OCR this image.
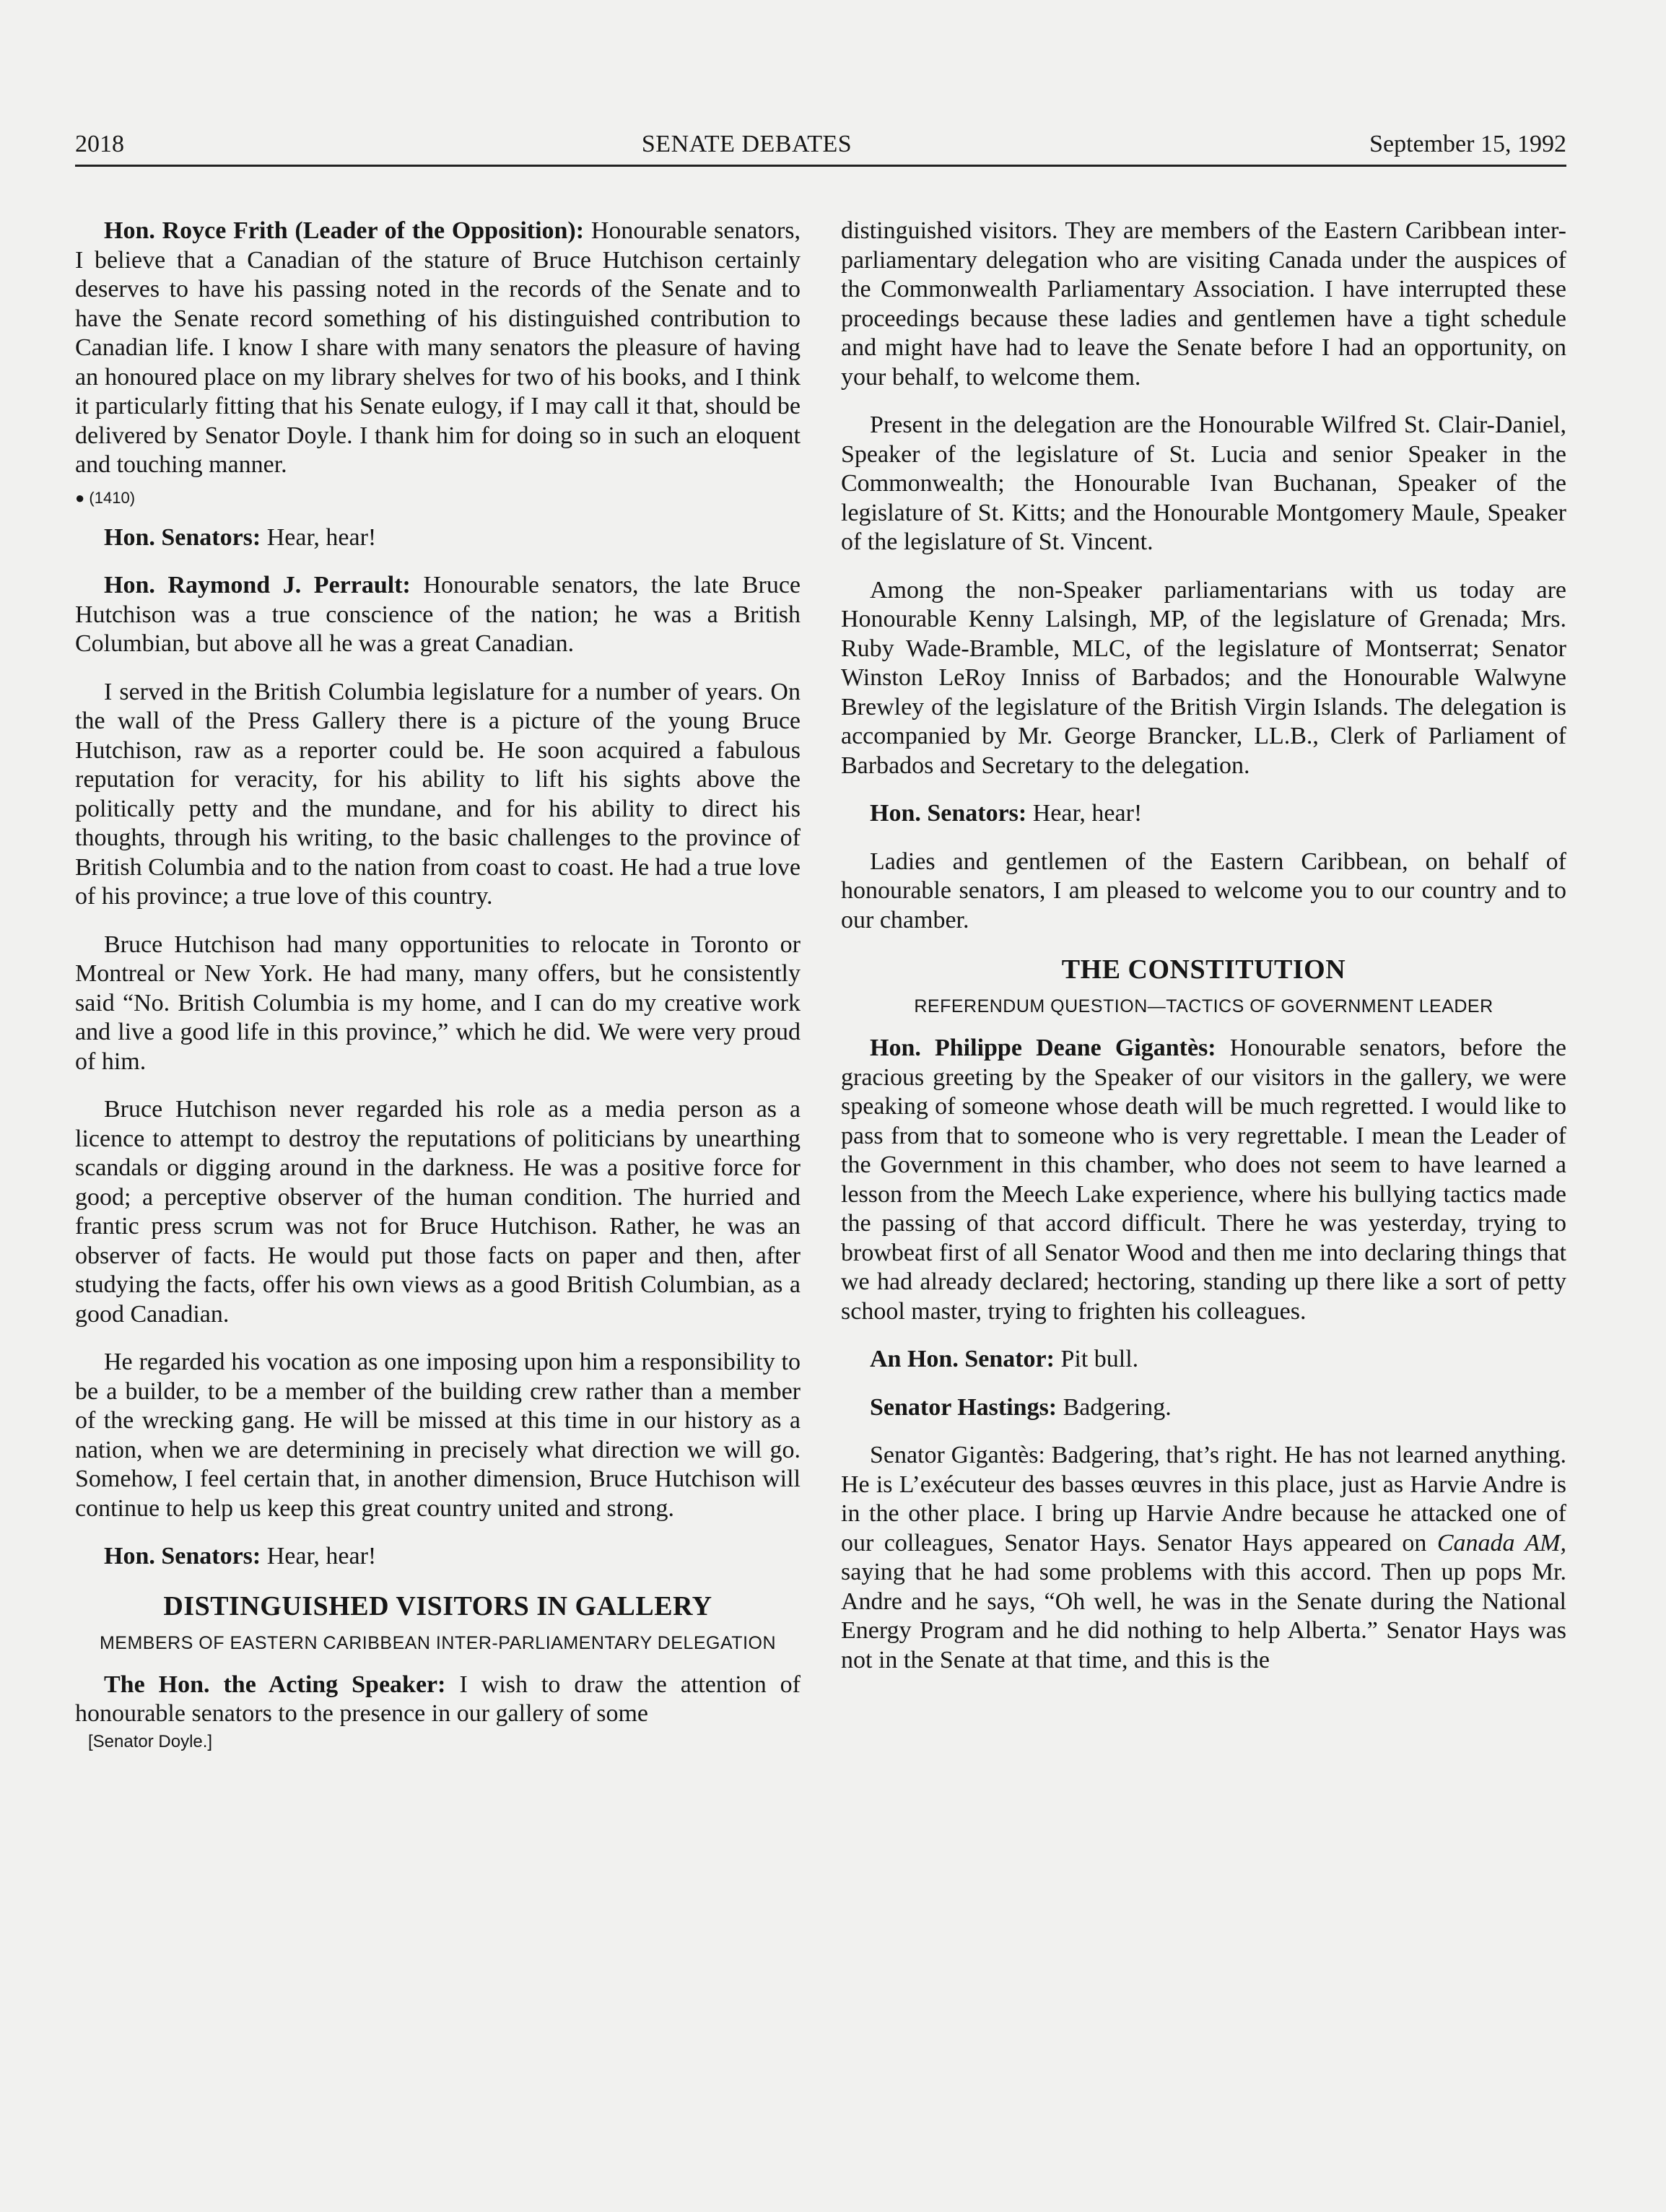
2018	SENATE DEBATES	September 15, 1992

Hon. Royce Frith (Leader of the Opposition): Honourable senators, I believe that a Canadian of the stature of Bruce Hutchison certainly deserves to have his passing noted in the records of the Senate and to have the Senate record something of his distinguished contribution to Canadian life. I know I share with many senators the pleasure of having an honoured place on my library shelves for two of his books, and I think it particularly fitting that his Senate eulogy, if I may call it that, should be delivered by Senator Doyle. I thank him for doing so in such an eloquent and touching manner.

● (1410)

Hon. Senators: Hear, hear!

Hon. Raymond J. Perrault: Honourable senators, the late Bruce Hutchison was a true conscience of the nation; he was a British Columbian, but above all he was a great Canadian.

I served in the British Columbia legislature for a number of years. On the wall of the Press Gallery there is a picture of the young Bruce Hutchison, raw as a reporter could be. He soon acquired a fabulous reputation for veracity, for his ability to lift his sights above the politically petty and the mundane, and for his ability to direct his thoughts, through his writing, to the basic challenges to the province of British Columbia and to the nation from coast to coast. He had a true love of his province; a true love of this country.

Bruce Hutchison had many opportunities to relocate in Toronto or Montreal or New York. He had many, many offers, but he consistently said “No. British Columbia is my home, and I can do my creative work and live a good life in this province,” which he did. We were very proud of him.

Bruce Hutchison never regarded his role as a media person as a licence to attempt to destroy the reputations of politicians by unearthing scandals or digging around in the darkness. He was a positive force for good; a perceptive observer of the human condition. The hurried and frantic press scrum was not for Bruce Hutchison. Rather, he was an observer of facts. He would put those facts on paper and then, after studying the facts, offer his own views as a good British Columbian, as a good Canadian.

He regarded his vocation as one imposing upon him a responsibility to be a builder, to be a member of the building crew rather than a member of the wrecking gang. He will be missed at this time in our history as a nation, when we are determining in precisely what direction we will go. Somehow, I feel certain that, in another dimension, Bruce Hutchison will continue to help us keep this great country united and strong.

Hon. Senators: Hear, hear!

DISTINGUISHED VISITORS IN GALLERY
MEMBERS OF EASTERN CARIBBEAN INTER-PARLIAMENTARY DELEGATION

The Hon. the Acting Speaker: I wish to draw the attention of honourable senators to the presence in our gallery of some

[Senator Doyle.]

distinguished visitors. They are members of the Eastern Caribbean inter-parliamentary delegation who are visiting Canada under the auspices of the Commonwealth Parliamentary Association. I have interrupted these proceedings because these ladies and gentlemen have a tight schedule and might have had to leave the Senate before I had an opportunity, on your behalf, to welcome them.

Present in the delegation are the Honourable Wilfred St. Clair-Daniel, Speaker of the legislature of St. Lucia and senior Speaker in the Commonwealth; the Honourable Ivan Buchanan, Speaker of the legislature of St. Kitts; and the Honourable Montgomery Maule, Speaker of the legislature of St. Vincent.

Among the non-Speaker parliamentarians with us today are Honourable Kenny Lalsingh, MP, of the legislature of Grenada; Mrs. Ruby Wade-Bramble, MLC, of the legislature of Montserrat; Senator Winston LeRoy Inniss of Barbados; and the Honourable Walwyne Brewley of the legislature of the British Virgin Islands. The delegation is accompanied by Mr. George Brancker, LL.B., Clerk of Parliament of Barbados and Secretary to the delegation.

Hon. Senators: Hear, hear!

Ladies and gentlemen of the Eastern Caribbean, on behalf of honourable senators, I am pleased to welcome you to our country and to our chamber.

THE CONSTITUTION
REFERENDUM QUESTION—TACTICS OF GOVERNMENT LEADER

Hon. Philippe Deane Gigantès: Honourable senators, before the gracious greeting by the Speaker of our visitors in the gallery, we were speaking of someone whose death will be much regretted. I would like to pass from that to someone who is very regrettable. I mean the Leader of the Government in this chamber, who does not seem to have learned a lesson from the Meech Lake experience, where his bullying tactics made the passing of that accord difficult. There he was yesterday, trying to browbeat first of all Senator Wood and then me into declaring things that we had already declared; hectoring, standing up there like a sort of petty school master, trying to frighten his colleagues.

An Hon. Senator: Pit bull.

Senator Hastings: Badgering.

Senator Gigantès: Badgering, that’s right. He has not learned anything. He is L’exécuteur des basses œuvres in this place, just as Harvie Andre is in the other place. I bring up Harvie Andre because he attacked one of our colleagues, Senator Hays. Senator Hays appeared on Canada AM, saying that he had some problems with this accord. Then up pops Mr. Andre and he says, “Oh well, he was in the Senate during the National Energy Program and he did nothing to help Alberta.” Senator Hays was not in the Senate at that time, and this is the
